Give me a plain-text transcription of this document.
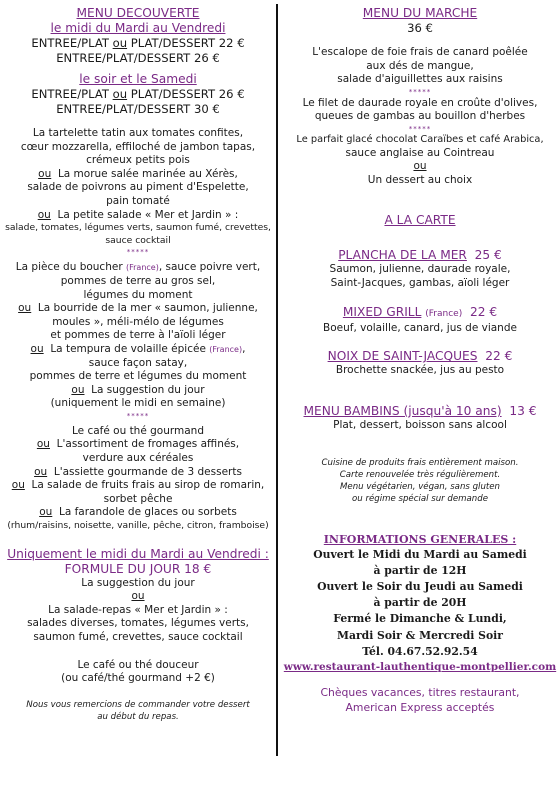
MENU DECOUVERTE
le midi du Mardi au Vendredi
ENTREE/PLAT ou PLAT/DESSERT 22 €
ENTREE/PLAT/DESSERT 26 €
le soir et le Samedi
ENTREE/PLAT ou PLAT/DESSERT 26 €
ENTREE/PLAT/DESSERT 30 €
La tartelette tatin aux tomates confites,
cœur mozzarella, effiloché de jambon tapas,
crémeux petits pois
ou La morue salée marinée au Xérès,
salade de poivrons au piment d'Espelette,
pain tomaté
ou La petite salade « Mer et Jardin » :
salade, tomates, légumes verts, saumon fumé, crevettes,
sauce cocktail
*****
La pièce du boucher (France), sauce poivre vert,
pommes de terre au gros sel,
légumes du moment
ou La bourride de la mer « saumon, julienne,
moules », méli-mélo de légumes
et pommes de terre à l'aïoli léger
ou La tempura de volaille épicée (France),
sauce façon satay,
pommes de terre et légumes du moment
ou La suggestion du jour
(uniquement le midi en semaine)
*****
Le café ou thé gourmand
ou L'assortiment de fromages affinés,
verdure aux céréales
ou L'assiette gourmande de 3 desserts
ou La salade de fruits frais au sirop de romarin,
sorbet pêche
ou La farandole de glaces ou sorbets
(rhum/raisins, noisette, vanille, pêche, citron, framboise)
Uniquement le midi du Mardi au Vendredi :
FORMULE DU JOUR 18 €
La suggestion du jour
ou
La salade-repas « Mer et Jardin » :
salades diverses, tomates, légumes verts,
saumon fumé, crevettes, sauce cocktail
Le café ou thé douceur
(ou café/thé gourmand +2 €)
Nous vous remercions de commander votre dessert
au début du repas.
MENU DU MARCHE
36 €
L'escalope de foie frais de canard poêlée
aux dés de mangue,
salade d'aiguillettes aux raisins
*****
Le filet de daurade royale en croûte d'olives,
queues de gambas au bouillon d'herbes
*****
Le parfait glacé chocolat Caraïbes et café Arabica,
sauce anglaise au Cointreau
ou
Un dessert au choix
A LA CARTE
PLANCHA DE LA MER 25 €
Saumon, julienne, daurade royale,
Saint-Jacques, gambas, aïoli léger
MIXED GRILL (France) 22 €
Boeuf, volaille, canard, jus de viande
NOIX DE SAINT-JACQUES 22 €
Brochette snackée, jus au pesto
MENU BAMBINS (jusqu'à 10 ans) 13 €
Plat, dessert, boisson sans alcool
Cuisine de produits frais entièrement maison.
Carte renouvelée très régulièrement.
Menu végétarien, végan, sans gluten
ou régime spécial sur demande
INFORMATIONS GENERALES :
Ouvert le Midi du Mardi au Samedi
à partir de 12H
Ouvert le Soir du Jeudi au Samedi
à partir de 20H
Fermé le Dimanche & Lundi,
Mardi Soir & Mercredi Soir
Tél. 04.67.52.92.54
www.restaurant-lauthentique-montpellier.com
Chèques vacances, titres restaurant,
American Express acceptés
